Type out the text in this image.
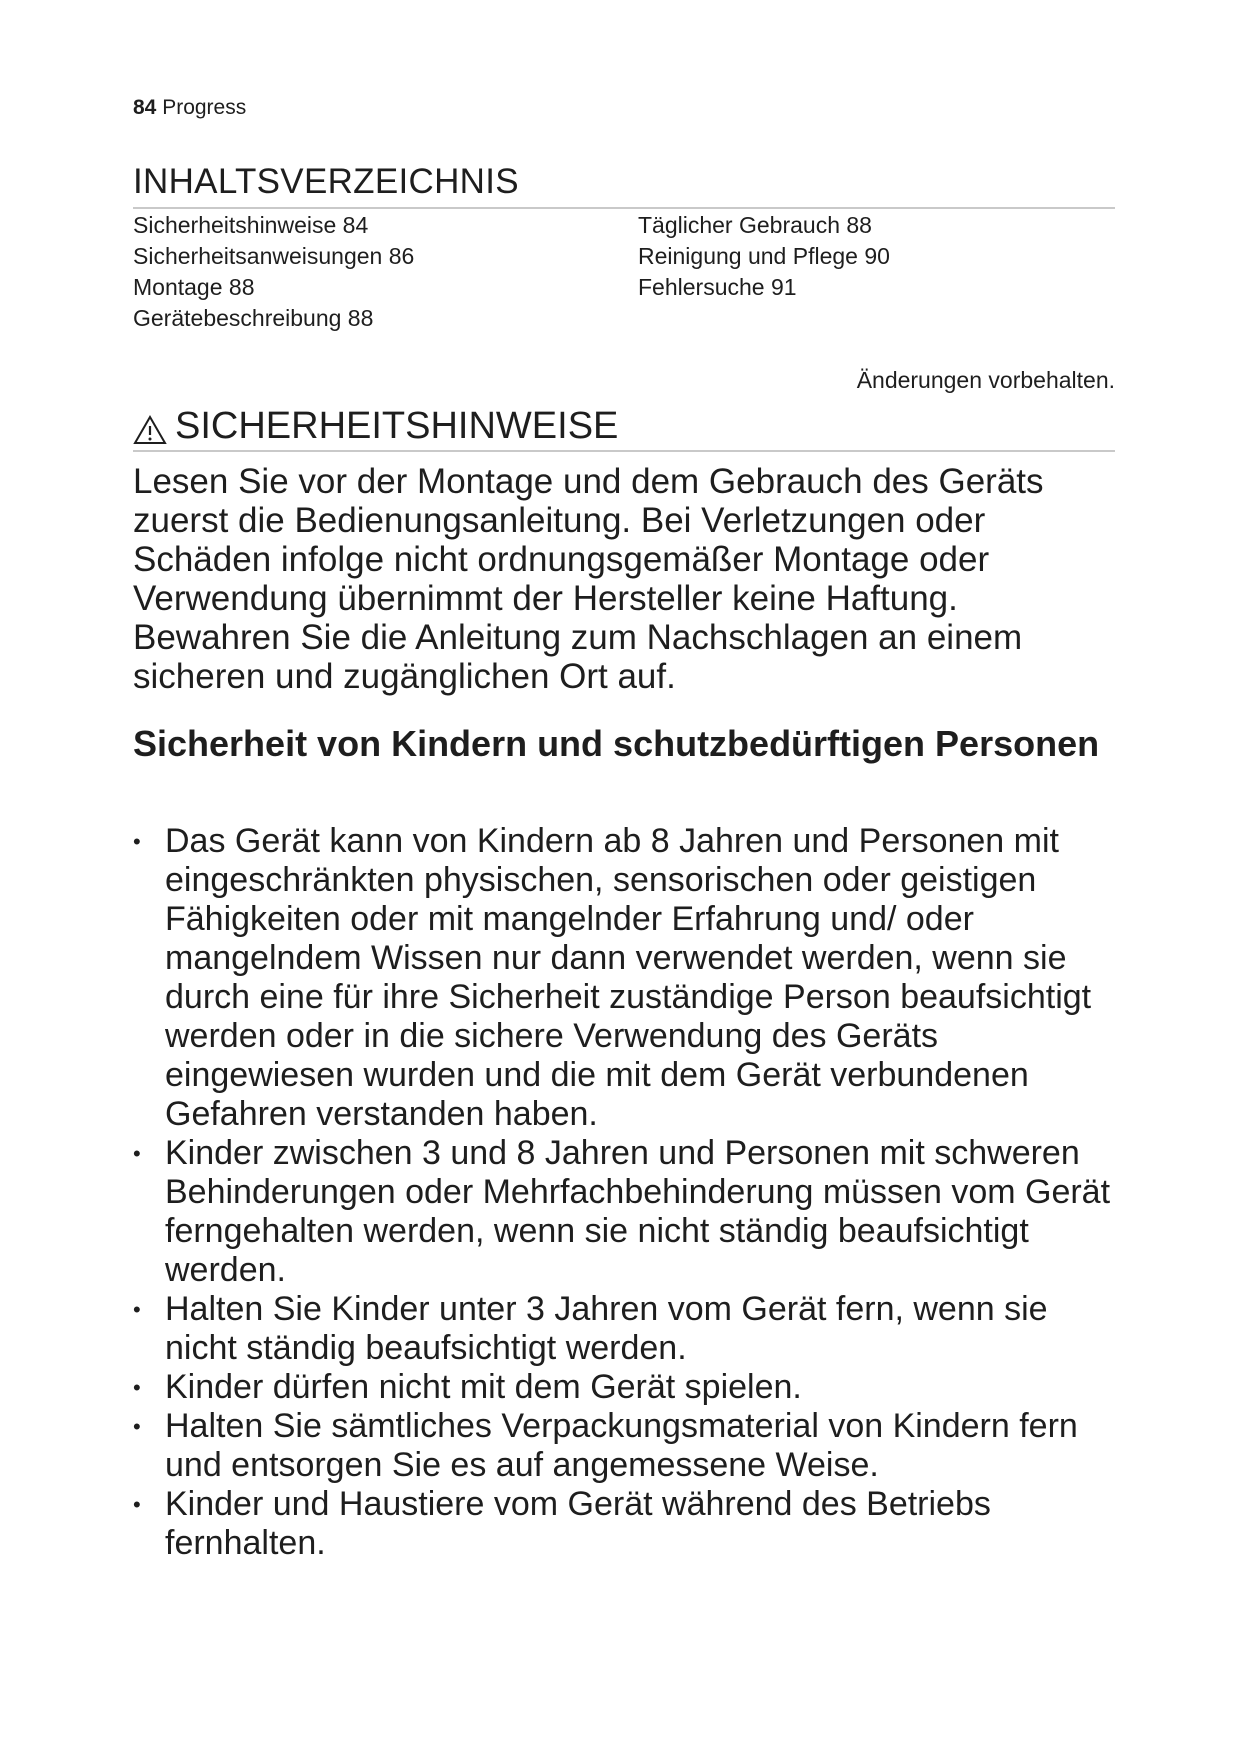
84 Progress
INHALTSVERZEICHNIS
Sicherheitshinweise 84
Sicherheitsanweisungen 86
Montage 88
Gerätebeschreibung 88
Täglicher Gebrauch 88
Reinigung und Pflege 90
Fehlersuche 91
Änderungen vorbehalten.
SICHERHEITSHINWEISE
Lesen Sie vor der Montage und dem Gebrauch des Geräts zuerst die Bedienungsanleitung. Bei Verletzungen oder Schäden infolge nicht ordnungsgemäßer Montage oder Verwendung übernimmt der Hersteller keine Haftung. Bewahren Sie die Anleitung zum Nachschlagen an einem sicheren und zugänglichen Ort auf.
Sicherheit von Kindern und schutzbedürftigen Personen
• Das Gerät kann von Kindern ab 8 Jahren und Personen mit eingeschränkten physischen, sensorischen oder geistigen Fähigkeiten oder mit mangelnder Erfahrung und/ oder mangelndem Wissen nur dann verwendet werden, wenn sie durch eine für ihre Sicherheit zuständige Person beaufsichtigt werden oder in die sichere Verwendung des Geräts eingewiesen wurden und die mit dem Gerät verbundenen Gefahren verstanden haben.
• Kinder zwischen 3 und 8 Jahren und Personen mit schweren Behinderungen oder Mehrfachbehinderung müssen vom Gerät ferngehalten werden, wenn sie nicht ständig beaufsichtigt werden.
• Halten Sie Kinder unter 3 Jahren vom Gerät fern, wenn sie nicht ständig beaufsichtigt werden.
• Kinder dürfen nicht mit dem Gerät spielen.
• Halten Sie sämtliches Verpackungsmaterial von Kindern fern und entsorgen Sie es auf angemessene Weise.
• Kinder und Haustiere vom Gerät während des Betriebs fernhalten.
